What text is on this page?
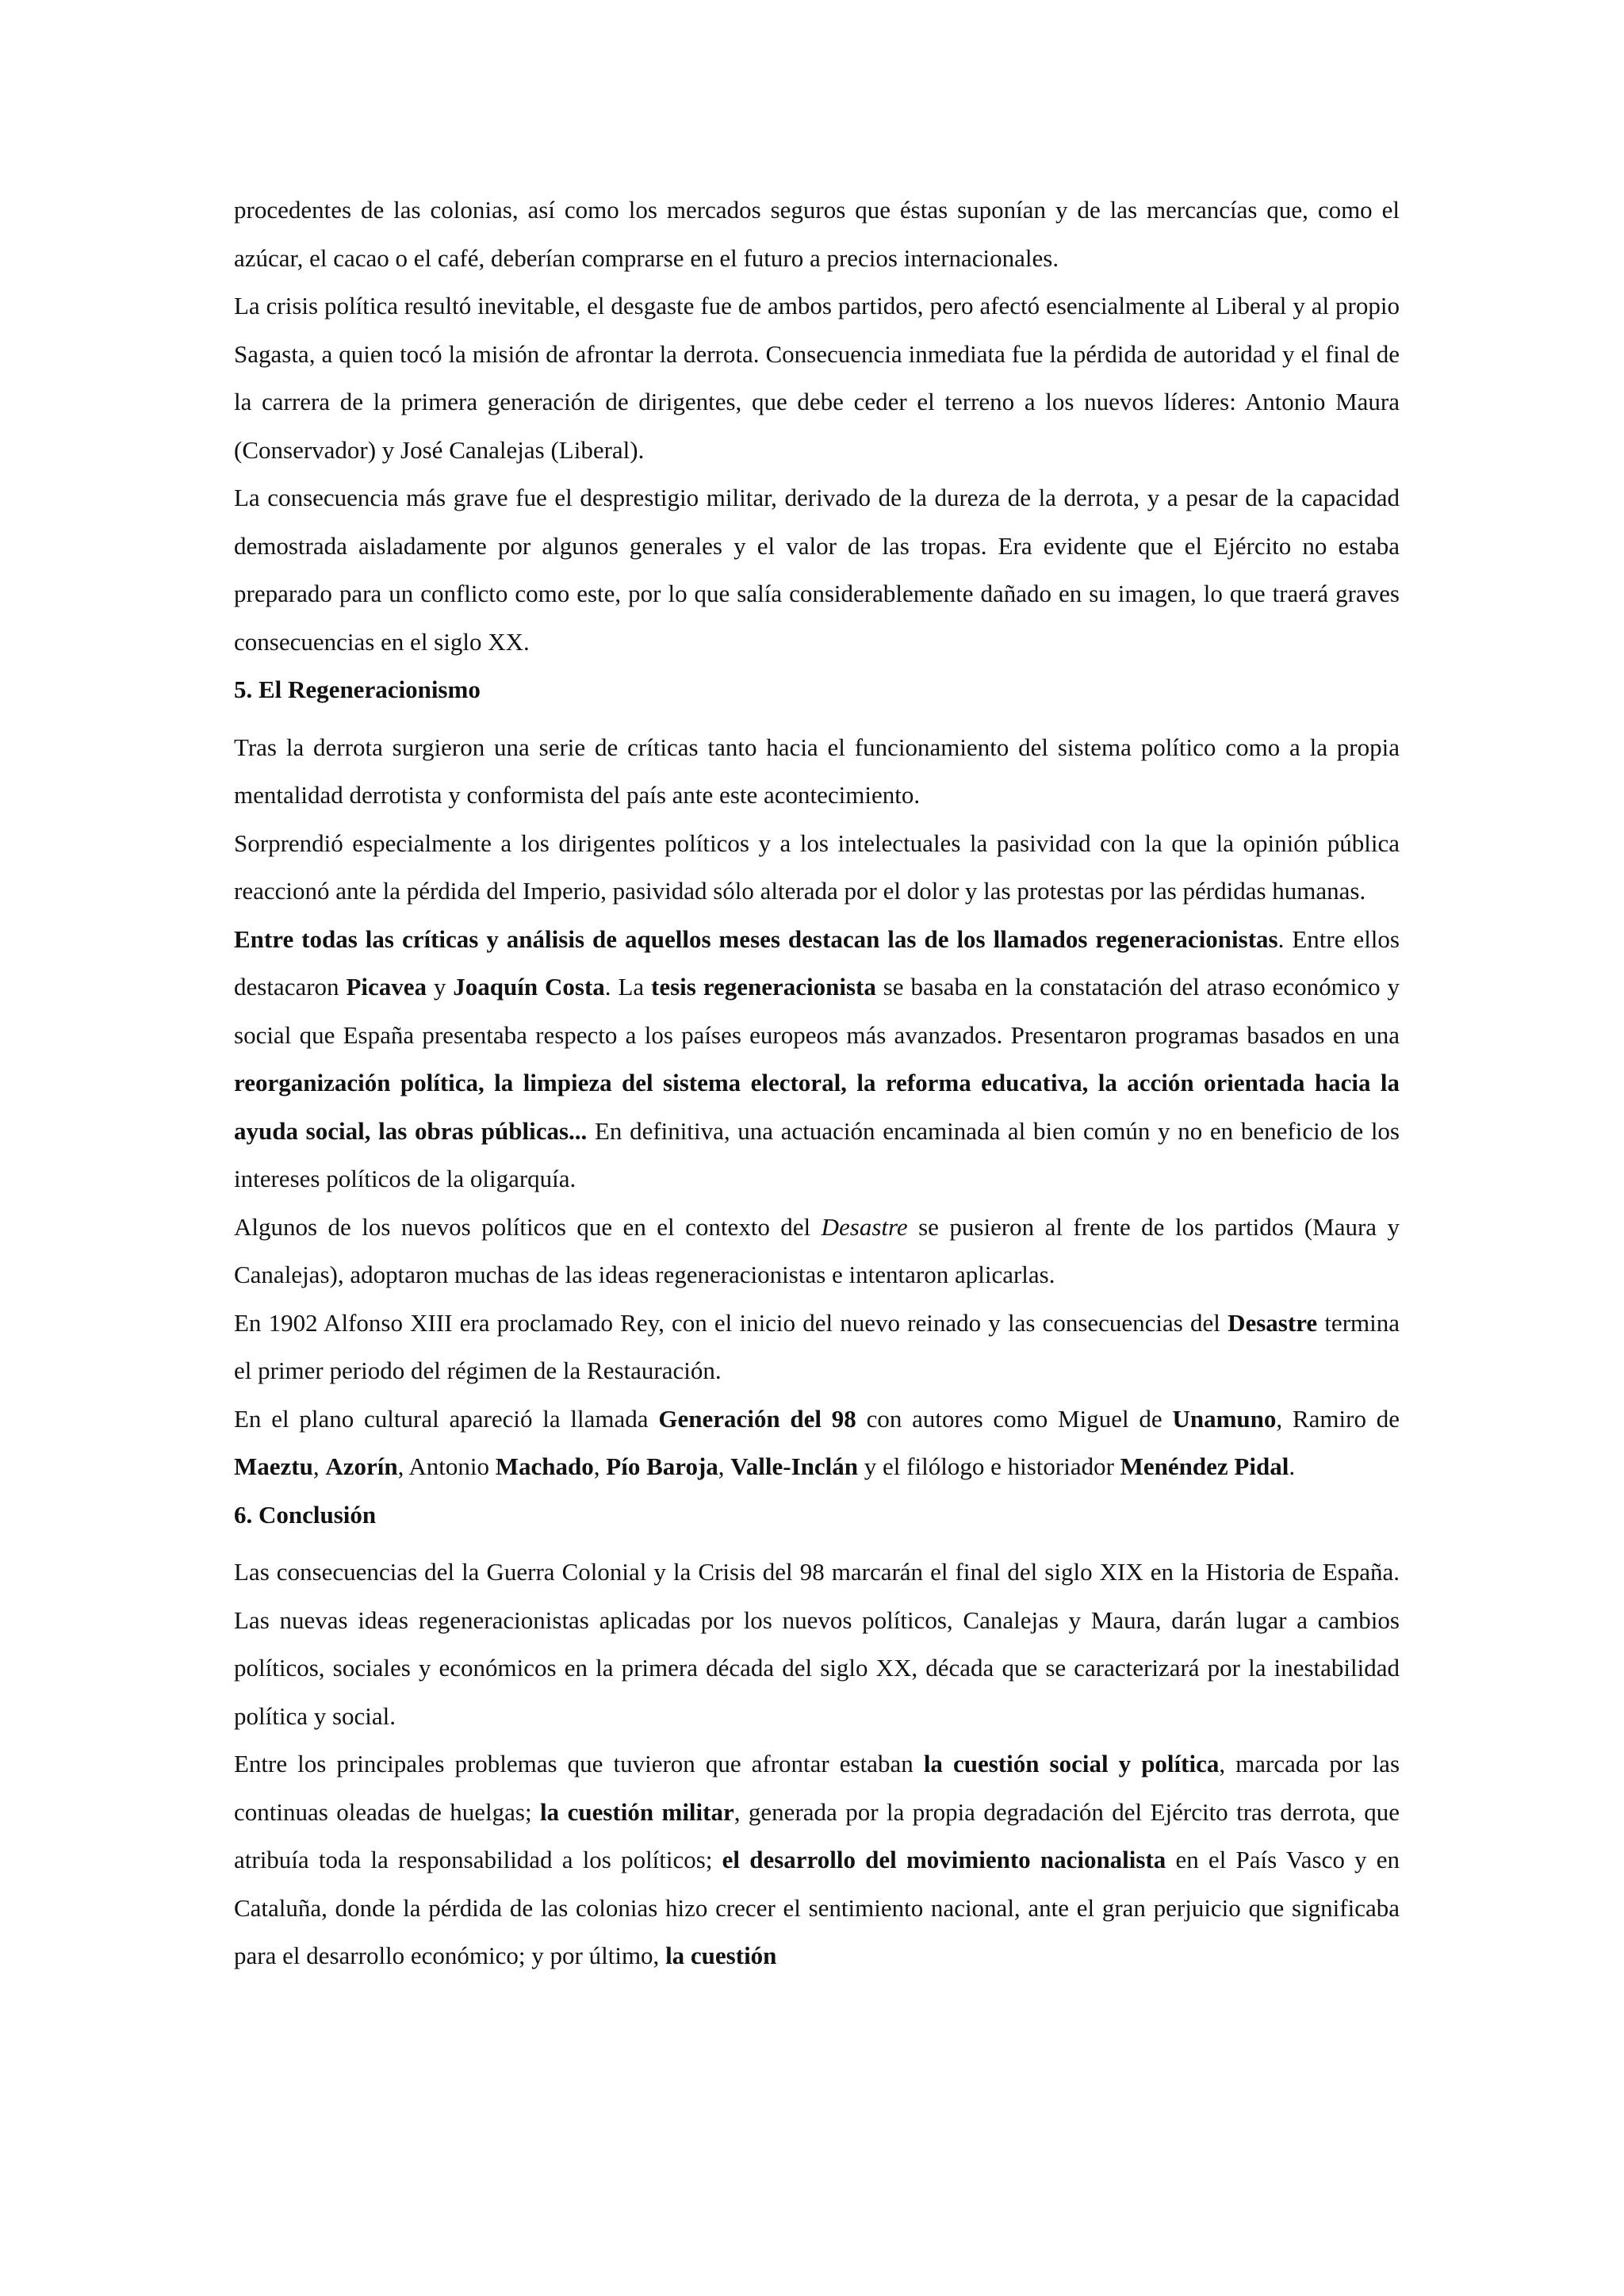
procedentes de las colonias, así como los mercados seguros que éstas suponían y de las mercancías que, como el azúcar, el cacao o el café, deberían comprarse en el futuro a precios internacionales.

La crisis política resultó inevitable, el desgaste fue de ambos partidos, pero afectó esencialmente al Liberal y al propio Sagasta, a quien tocó la misión de afrontar la derrota. Consecuencia inmediata fue la pérdida de autoridad y el final de la carrera de la primera generación de dirigentes, que debe ceder el terreno a los nuevos líderes: Antonio Maura (Conservador) y José Canalejas (Liberal).

La consecuencia más grave fue el desprestigio militar, derivado de la dureza de la derrota, y a pesar de la capacidad demostrada aisladamente por algunos generales y el valor de las tropas. Era evidente que el Ejército no estaba preparado para un conflicto como este, por lo que salía considerablemente dañado en su imagen, lo que traerá graves consecuencias en el siglo XX.

5. El Regeneracionismo

Tras la derrota surgieron una serie de críticas tanto hacia el funcionamiento del sistema político como a la propia mentalidad derrotista y conformista del país ante este acontecimiento.

Sorprendió especialmente a los dirigentes políticos y a los intelectuales la pasividad con la que la opinión pública reaccionó ante la pérdida del Imperio, pasividad sólo alterada por el dolor y las protestas por las pérdidas humanas.

Entre todas las críticas y análisis de aquellos meses destacan las de los llamados regeneracionistas. Entre ellos destacaron Picavea y Joaquín Costa. La tesis regeneracionista se basaba en la constatación del atraso económico y social que España presentaba respecto a los países europeos más avanzados. Presentaron programas basados en una reorganización política, la limpieza del sistema electoral, la reforma educativa, la acción orientada hacia la ayuda social, las obras públicas... En definitiva, una actuación encaminada al bien común y no en beneficio de los intereses políticos de la oligarquía.

Algunos de los nuevos políticos que en el contexto del Desastre se pusieron al frente de los partidos (Maura y Canalejas), adoptaron muchas de las ideas regeneracionistas e intentaron aplicarlas.

En 1902 Alfonso XIII era proclamado Rey, con el inicio del nuevo reinado y las consecuencias del Desastre termina el primer periodo del régimen de la Restauración.

En el plano cultural apareció la llamada Generación del 98 con autores como Miguel de Unamuno, Ramiro de Maeztu, Azorín, Antonio Machado, Pío Baroja, Valle-Inclán y el filólogo e historiador Menéndez Pidal.

6. Conclusión

Las consecuencias del la Guerra Colonial y la Crisis del 98 marcarán el final del siglo XIX en la Historia de España. Las nuevas ideas regeneracionistas aplicadas por los nuevos políticos, Canalejas y Maura, darán lugar a cambios políticos, sociales y económicos en la primera década del siglo XX, década que se caracterizará por la inestabilidad política y social.

Entre los principales problemas que tuvieron que afrontar estaban la cuestión social y política, marcada por las continuas oleadas de huelgas; la cuestión militar, generada por la propia degradación del Ejército tras derrota, que atribuía toda la responsabilidad a los políticos; el desarrollo del movimiento nacionalista en el País Vasco y en Cataluña, donde la pérdida de las colonias hizo crecer el sentimiento nacional, ante el gran perjuicio que significaba para el desarrollo económico; y por último, la cuestión
